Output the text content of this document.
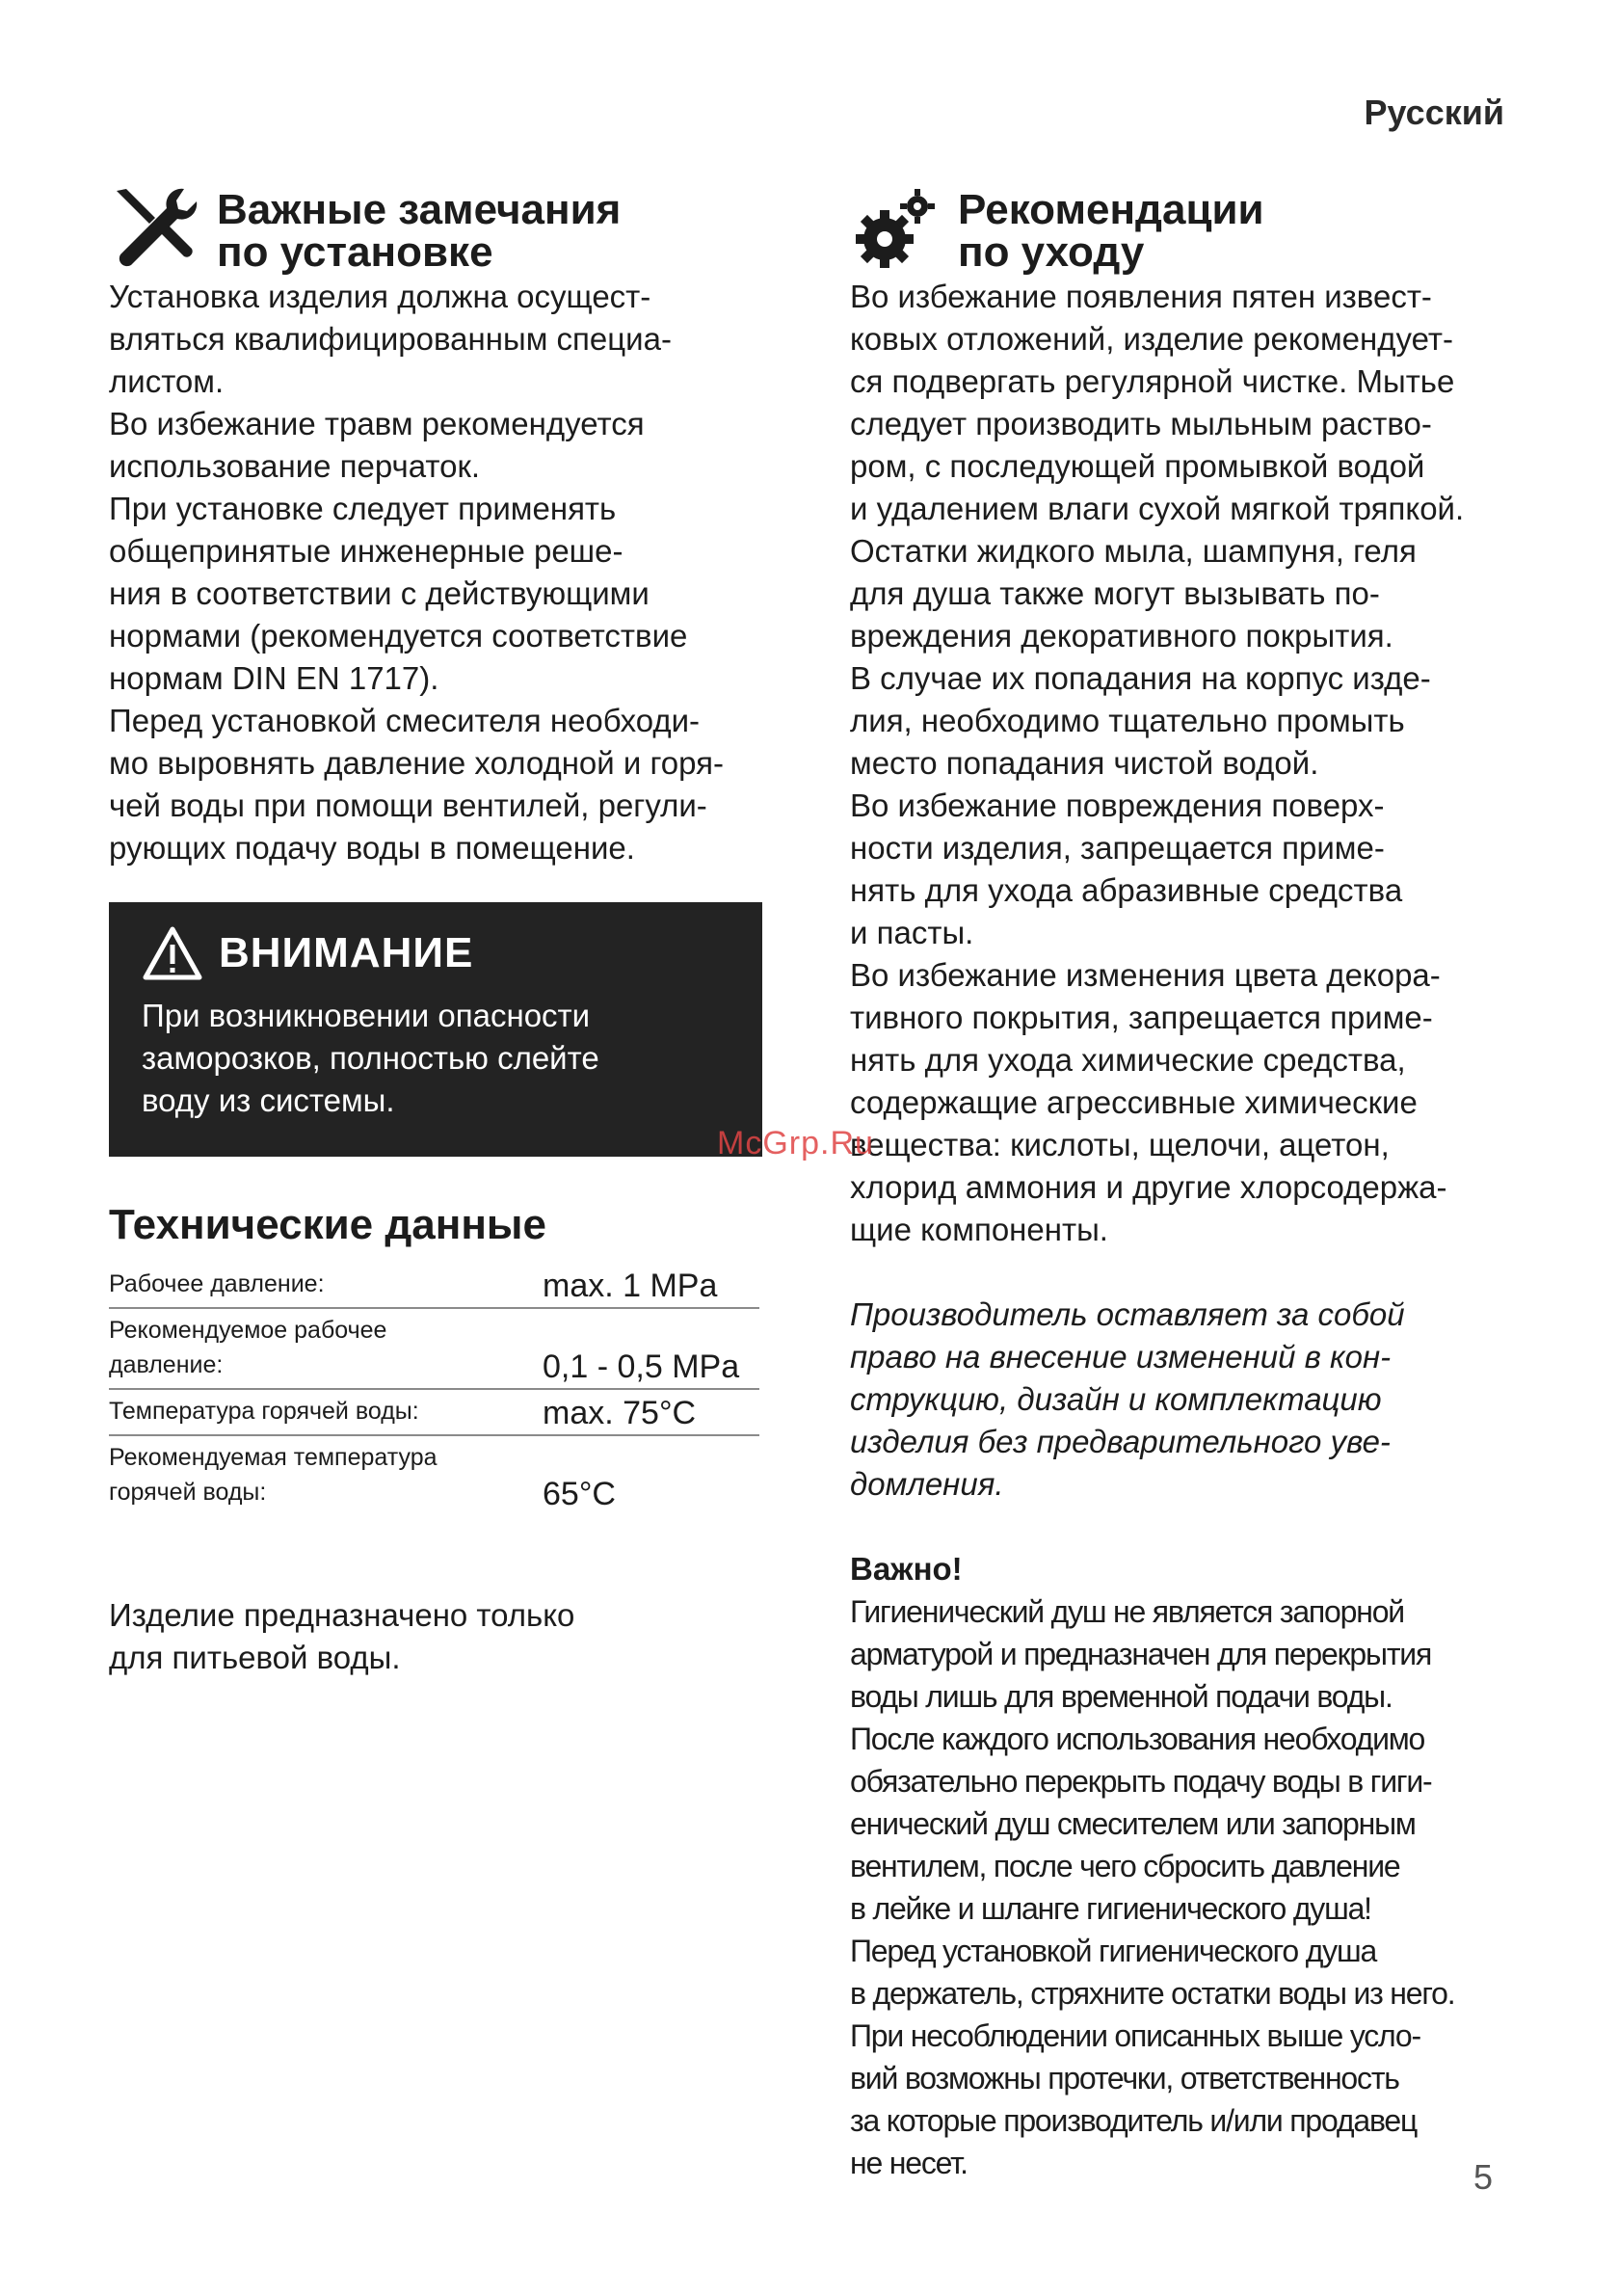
Русский
Важные замечания
по установке
Установка изделия должна осущест-
вляться квалифицированным специа-
листом.
Во избежание травм рекомендуется
использование перчаток.
При установке следует применять
общепринятые инженерные реше-
ния в соответствии с действующими
нормами (рекомендуется соответствие
нормам DIN EN 1717).
Перед установкой смесителя необходи-
мо выровнять давление холодной и горя-
чей воды при помощи вентилей, регули-
рующих подачу воды в помещение.
ВНИМАНИЕ
При возникновении опасности
заморозков, полностью слейте
воду из системы.
Технические данные
Рабочее давление:	max. 1 MPa
Рекомендуемое рабочее
давление:	0,1 - 0,5 MPa
Температура горячей воды:	max. 75°C
Рекомендуемая температура
горячей воды:	65°C
Изделие предназначено только
для питьевой воды.
Рекомендации
по уходу
Во избежание появления пятен извест-
ковых отложений, изделие рекомендует-
ся подвергать регулярной чистке. Мытье
следует производить мыльным раство-
ром, с последующей промывкой водой
и удалением влаги сухой мягкой тряпкой.
Остатки жидкого мыла, шампуня, геля
для душа также могут вызывать по-
вреждения декоративного покрытия.
В случае их попадания на корпус изде-
лия, необходимо тщательно промыть
место попадания чистой водой.
Во избежание повреждения поверх-
ности изделия, запрещается приме-
нять для ухода абразивные средства
и пасты.
Во избежание изменения цвета декора-
тивного покрытия, запрещается приме-
нять для ухода химические средства,
содержащие агрессивные химические
вещества: кислоты, щелочи, ацетон,
хлорид аммония и другие хлорсодержа-
щие компоненты.
Производитель оставляет за собой
право на внесение изменений в кон-
струкцию, дизайн и комплектацию
изделия без предварительного уве-
домления.
Важно!
Гигиенический душ не является запорной
арматурой и предназначен для перекрытия
воды лишь для временной подачи воды.
После каждого использования необходимо
обязательно перекрыть подачу воды в гиги-
енический душ смесителем или запорным
вентилем, после чего сбросить давление
в лейке и шланге гигиенического душа!
Перед установкой гигиенического душа
в держатель, стряхните остатки воды из него.
При несоблюдении описанных выше усло-
вий возможны протечки, ответственность
за которые производитель и/или продавец
не несет.
McGrp.Ru
5
